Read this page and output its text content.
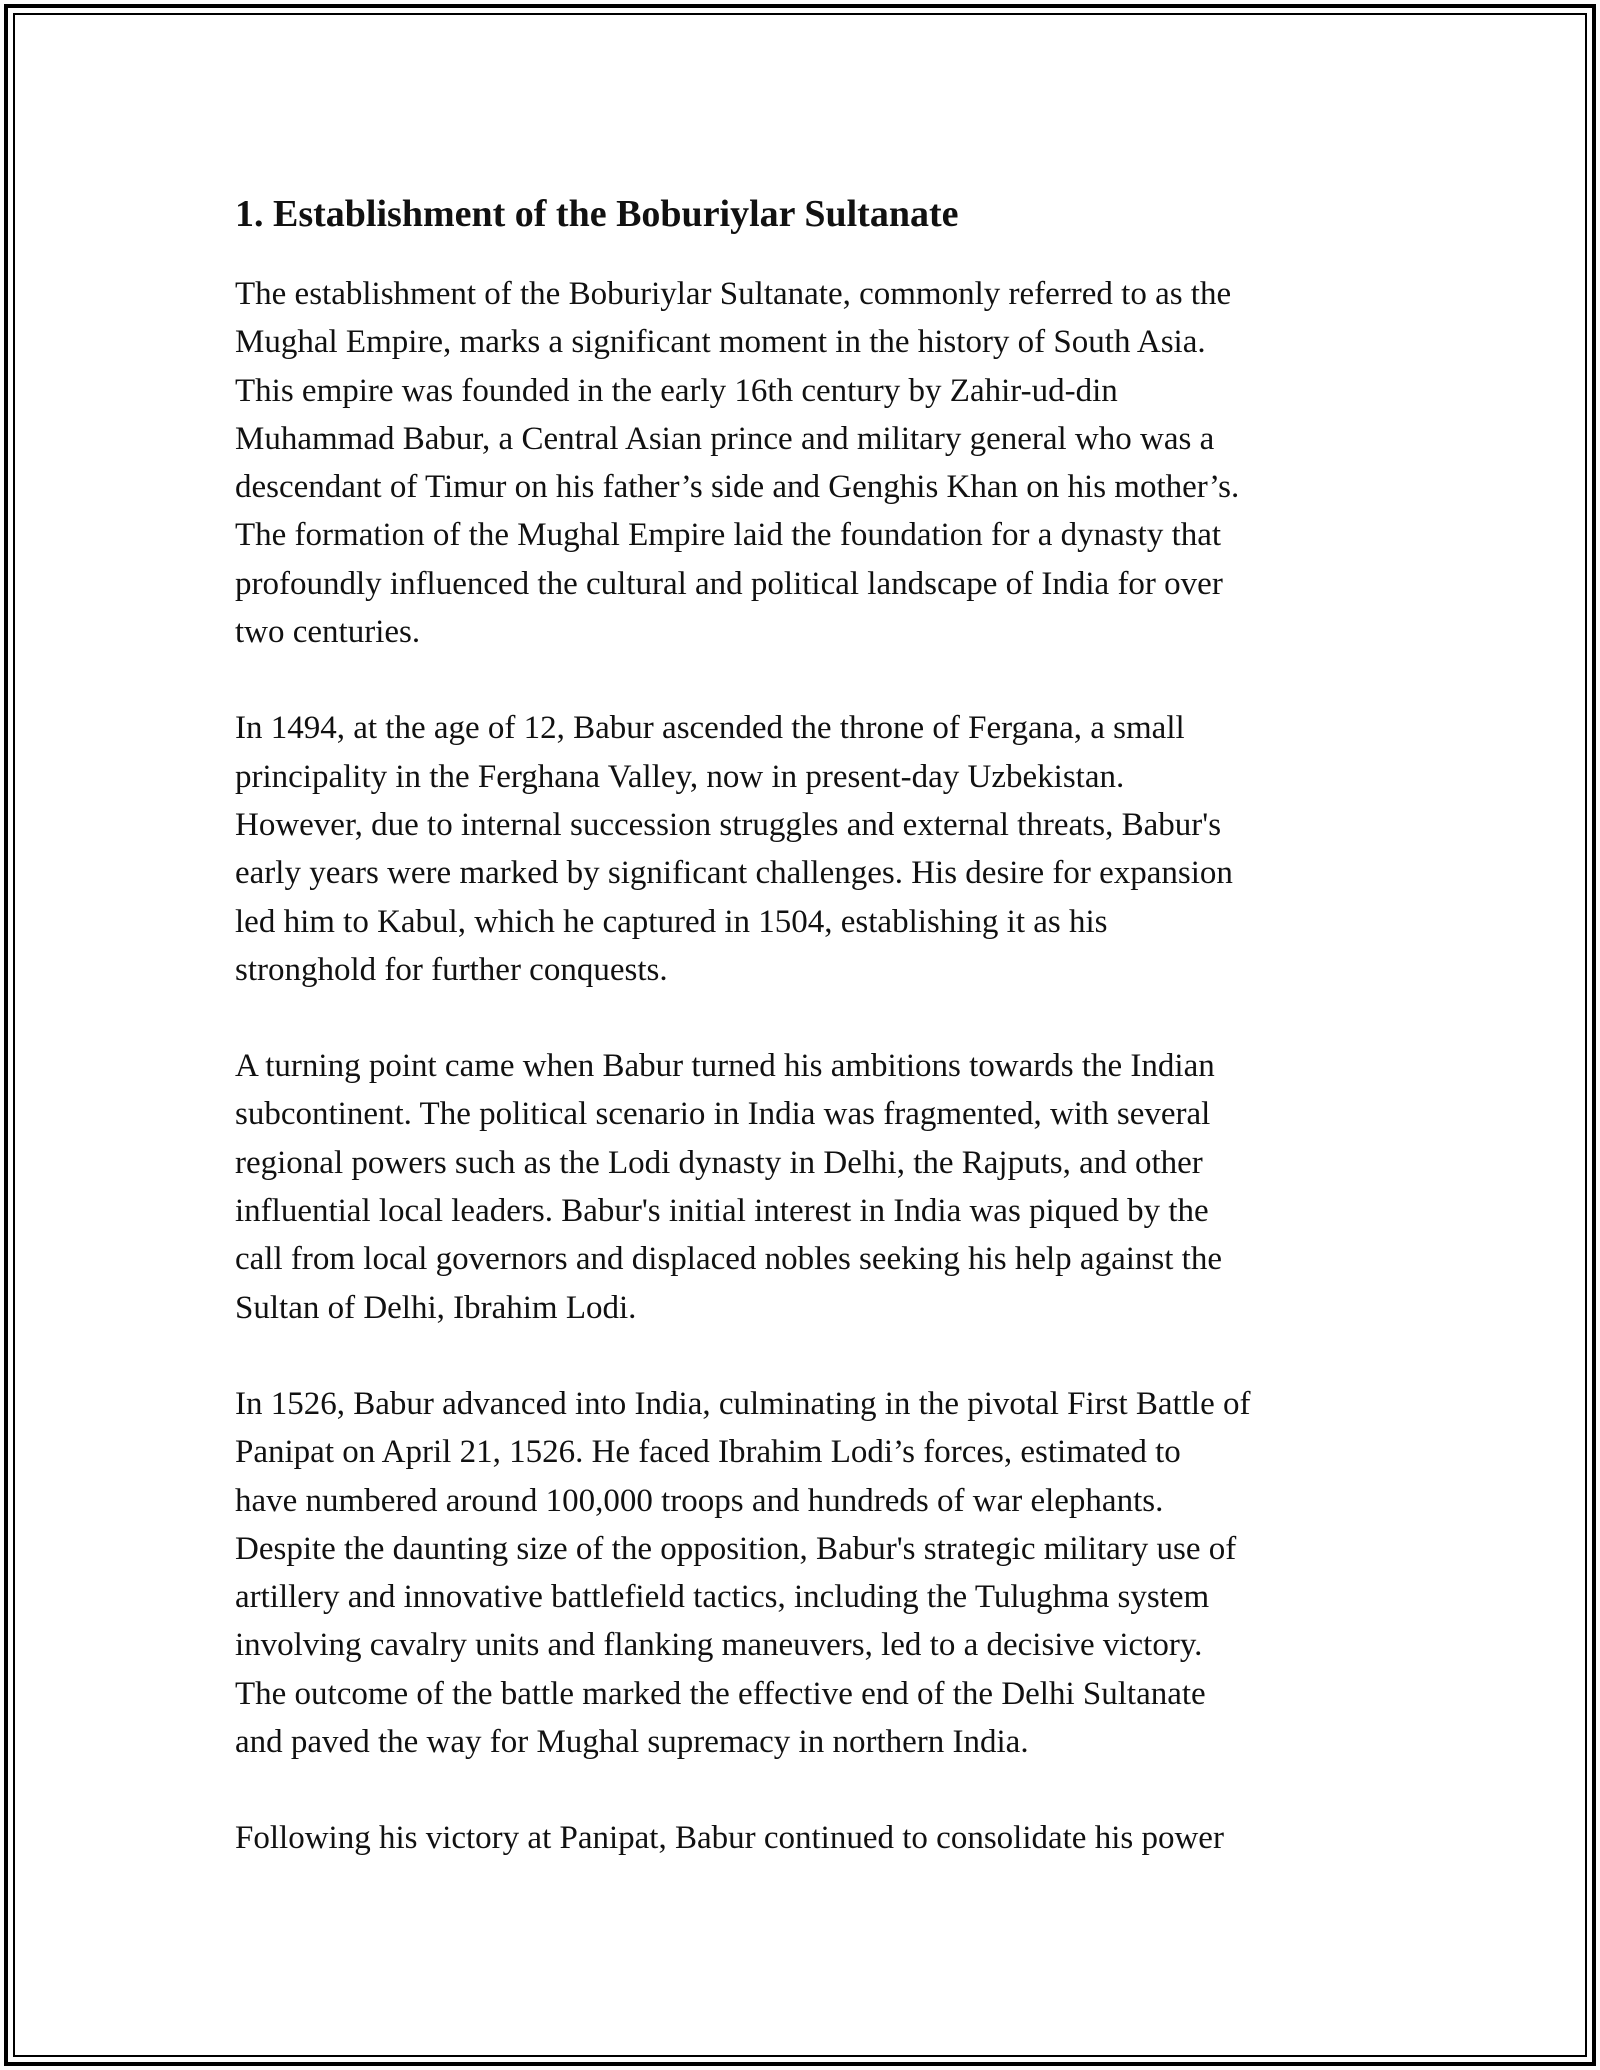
1. Establishment of the Boburiylar Sultanate

The establishment of the Boburiylar Sultanate, commonly referred to as the
Mughal Empire, marks a significant moment in the history of South Asia.
This empire was founded in the early 16th century by Zahir-ud-din
Muhammad Babur, a Central Asian prince and military general who was a
descendant of Timur on his father’s side and Genghis Khan on his mother’s.
The formation of the Mughal Empire laid the foundation for a dynasty that
profoundly influenced the cultural and political landscape of India for over
two centuries.

In 1494, at the age of 12, Babur ascended the throne of Fergana, a small
principality in the Ferghana Valley, now in present-day Uzbekistan.
However, due to internal succession struggles and external threats, Babur's
early years were marked by significant challenges. His desire for expansion
led him to Kabul, which he captured in 1504, establishing it as his
stronghold for further conquests.

A turning point came when Babur turned his ambitions towards the Indian
subcontinent. The political scenario in India was fragmented, with several
regional powers such as the Lodi dynasty in Delhi, the Rajputs, and other
influential local leaders. Babur's initial interest in India was piqued by the
call from local governors and displaced nobles seeking his help against the
Sultan of Delhi, Ibrahim Lodi.

In 1526, Babur advanced into India, culminating in the pivotal First Battle of
Panipat on April 21, 1526. He faced Ibrahim Lodi’s forces, estimated to
have numbered around 100,000 troops and hundreds of war elephants.
Despite the daunting size of the opposition, Babur's strategic military use of
artillery and innovative battlefield tactics, including the Tulughma system
involving cavalry units and flanking maneuvers, led to a decisive victory.
The outcome of the battle marked the effective end of the Delhi Sultanate
and paved the way for Mughal supremacy in northern India.

Following his victory at Panipat, Babur continued to consolidate his power
